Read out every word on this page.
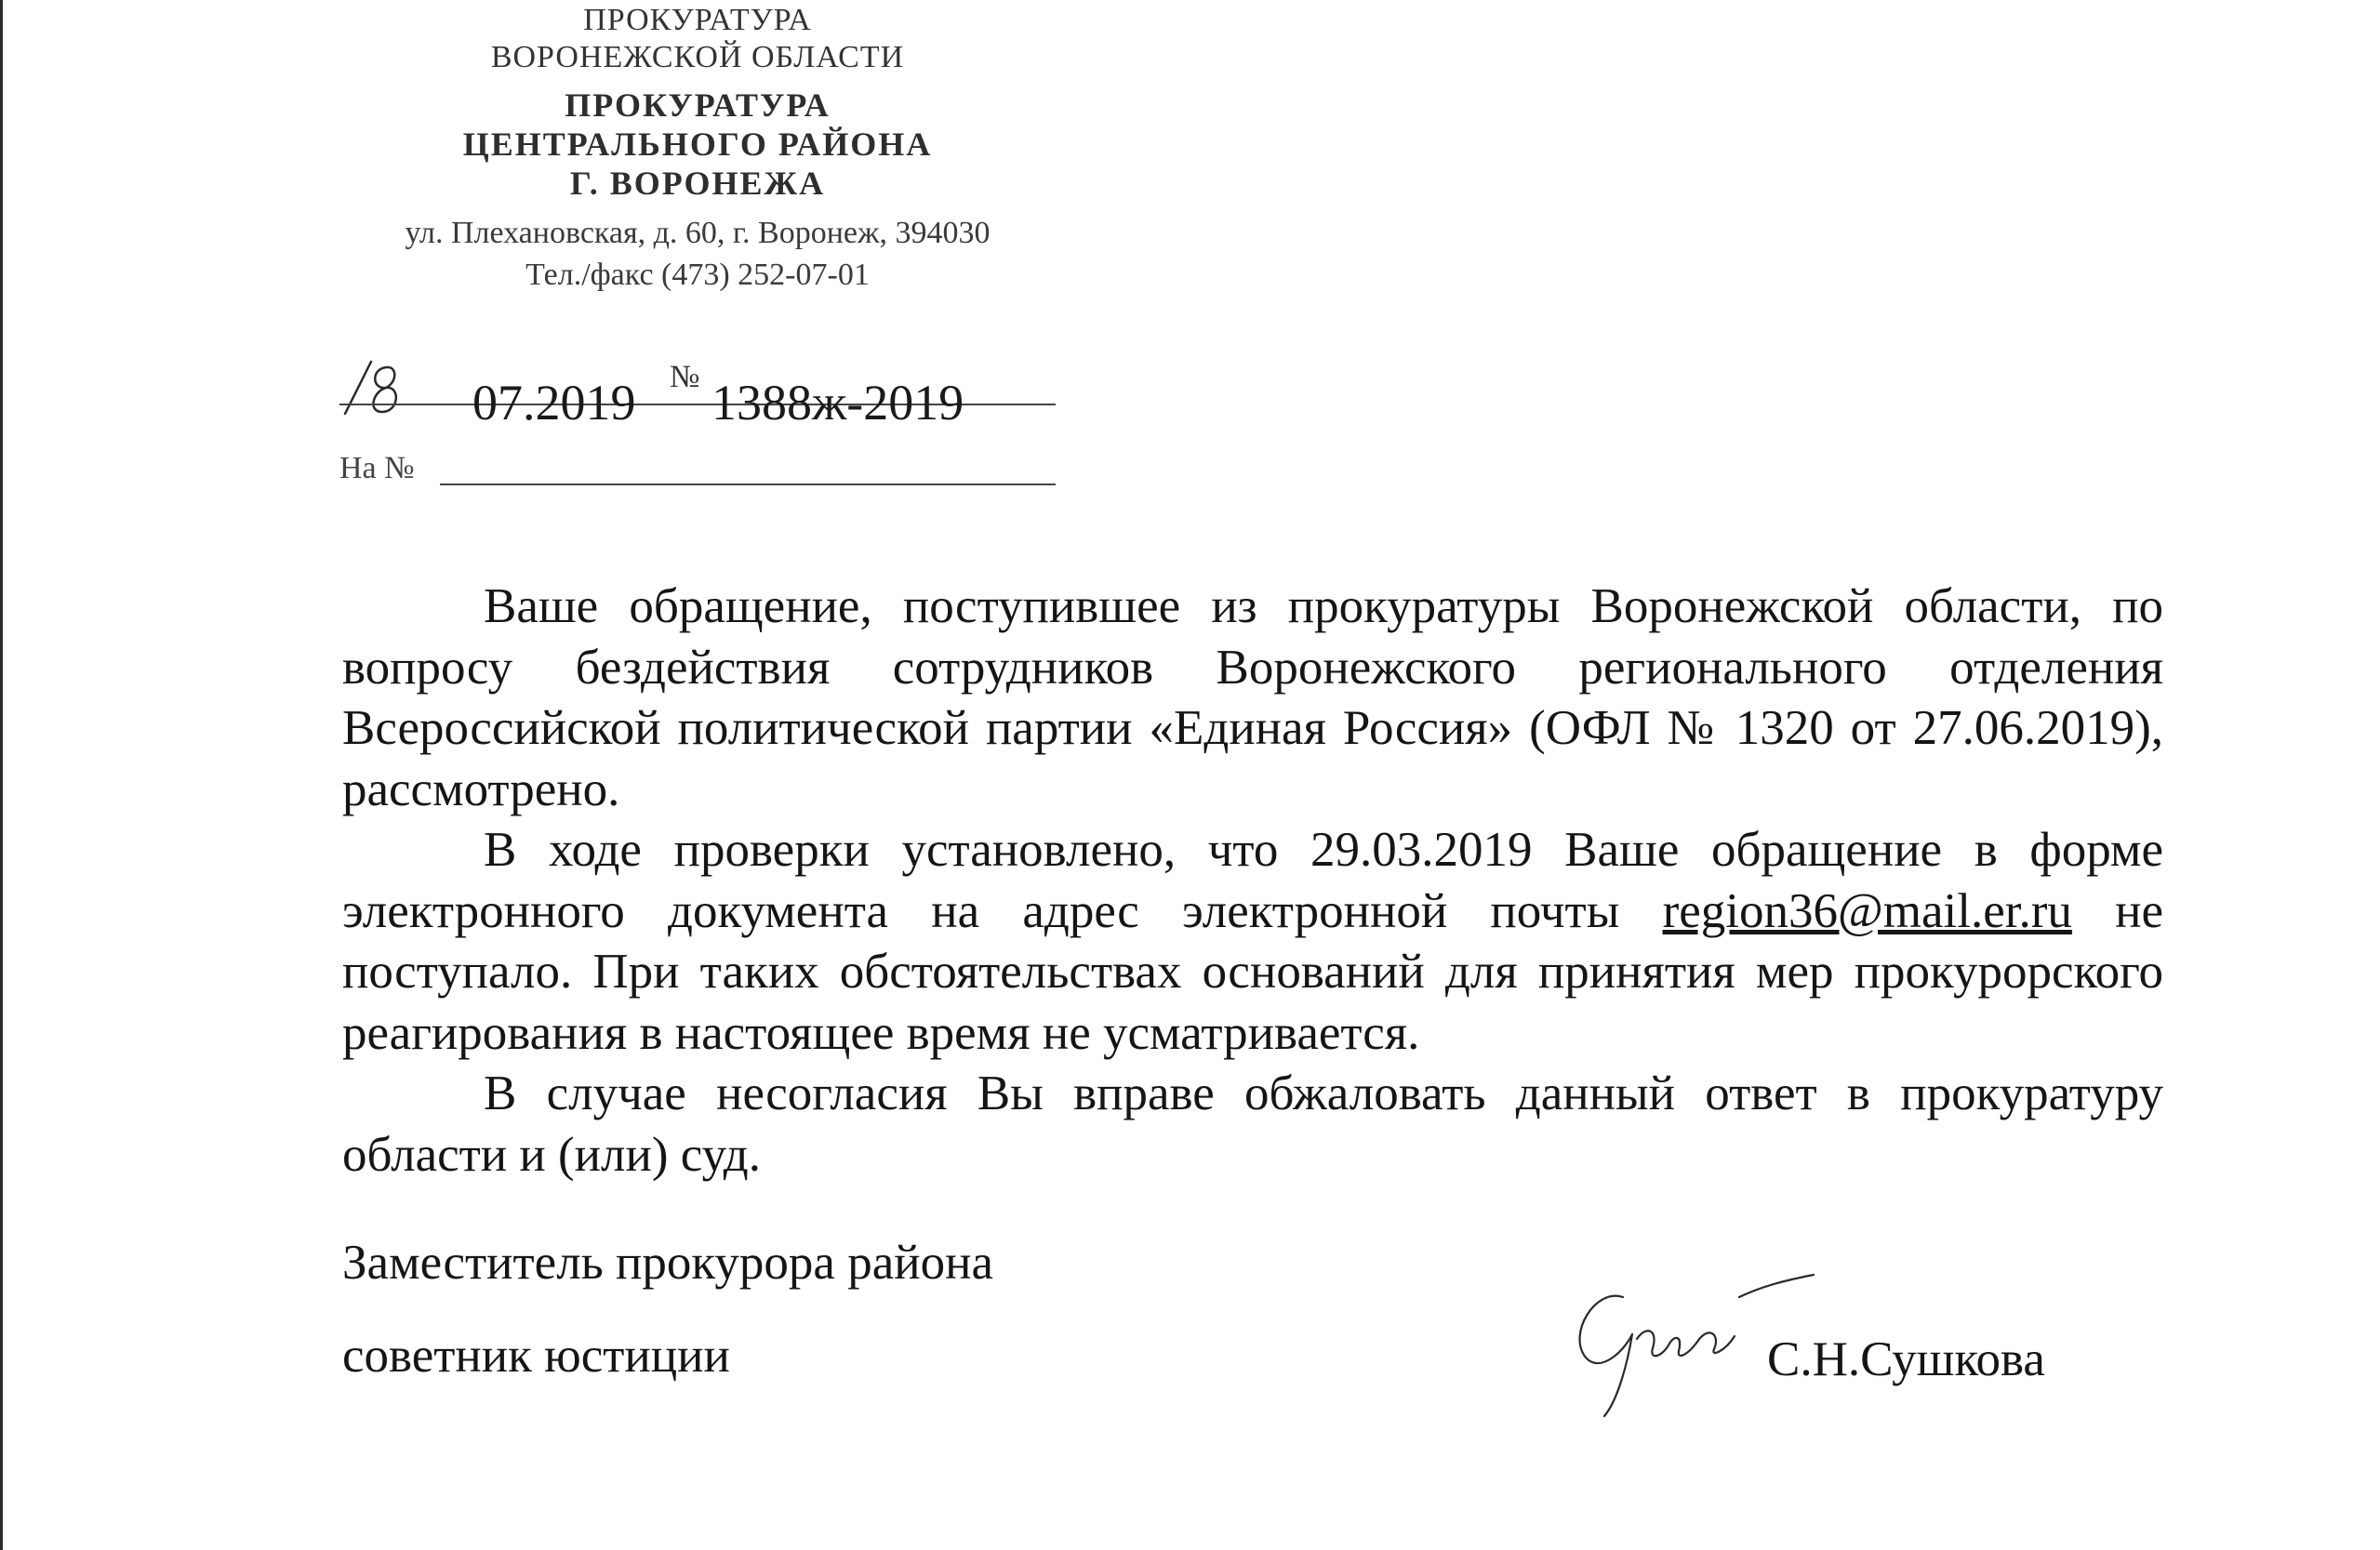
ПРОКУРАТУРА
ВОРОНЕЖСКОЙ ОБЛАСТИ
ПРОКУРАТУРА
ЦЕНТРАЛЬНОГО РАЙОНА
Г. ВОРОНЕЖА
ул. Плехановская, д. 60, г. Воронеж, 394030
Тел./факс (473) 252-07-01
07.2019 № 1388ж-2019
На №

Ваше обращение, поступившее из прокуратуры Воронежской области, по вопросу бездействия сотрудников Воронежского регионального отделения Всероссийской политической партии «Единая Россия» (ОФЛ № 1320 от 27.06.2019), рассмотрено.

В ходе проверки установлено, что 29.03.2019 Ваше обращение в форме электронного документа на адрес электронной почты region36@mail.er.ru не поступало. При таких обстоятельствах оснований для принятия мер прокурорского реагирования в настоящее время не усматривается.

В случае несогласия Вы вправе обжаловать данный ответ в прокуратуру области и (или) суд.

Заместитель прокурора района
советник юстиции	С.Н.Сушкова
